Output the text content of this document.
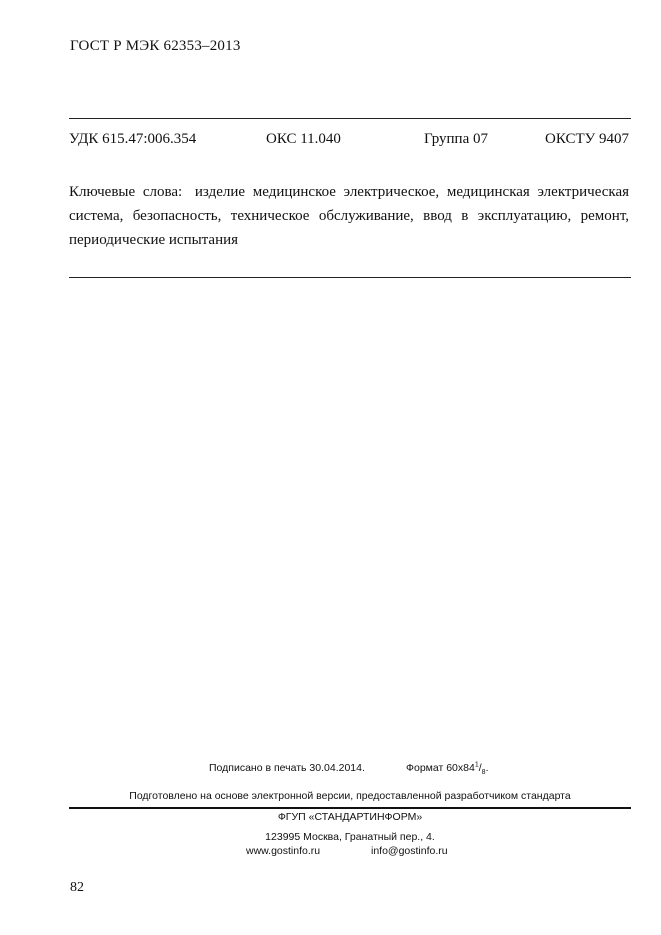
ГОСТ Р МЭК 62353–2013
УДК 615.47:006.354	ОКС 11.040	Группа 07	ОКСТУ 9407
Ключевые слова: изделие медицинское электрическое, медицинская электрическая
система, безопасность, техническое обслуживание, ввод в эксплуатацию, ремонт,
периодические испытания
Подписано в печать 30.04.2014.	Формат $60x84^1/_8$.
Подготовлено на основе электронной версии, предоставленной разработчиком стандарта
ФГУП «СТАНДАРТИНФОРМ»
123995 Москва, Гранатный пер., 4.
www.gostinfo.ru	info@gostinfo.ru
82
